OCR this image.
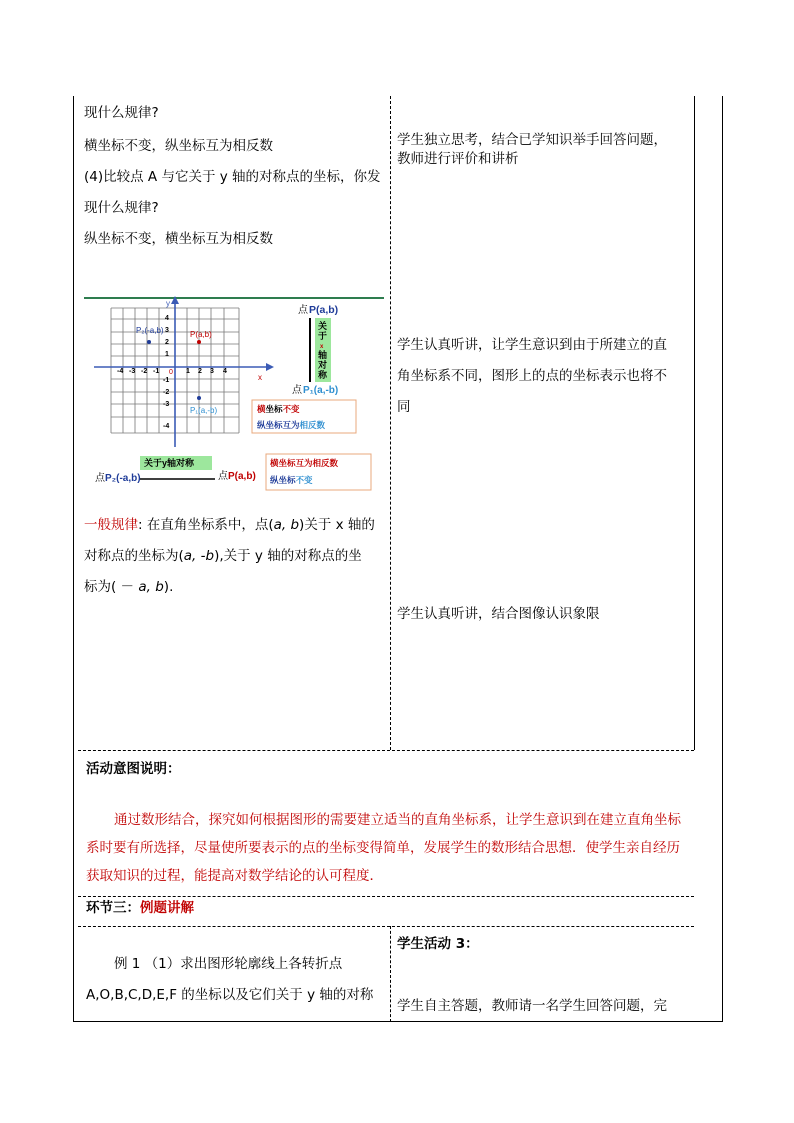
现什么规律?
横坐标不变，纵坐标互为相反数
(4)比较点 A 与它关于 y 轴的对称点的坐标，你发
现什么规律?
纵坐标不变，横坐标互为相反数
学生独立思考，结合已学知识举手回答问题，
教师进行评价和讲析
学生认真听讲，让学生意识到由于所建立的直
角坐标系不同，图形上的点的坐标表示也将不
同
学生认真听讲，结合图像认识象限
x
y
0
-4 -3 -2 -1	1 2 3 4
4
3
2
1
-1
-2
-3
-4
P₂(-a,b)	P(a,b)
P₁(a,-b)
点 P(a,b)
关
于
x
轴
对
称
点 P₁(a,-b)
横坐标不变
纵坐标互为相反数
关于y轴对称
点 P₂(-a,b)	点 P(a,b)
横坐标互为相反数
纵坐标不变
一般规律: 在直角坐标系中，点(a, b)关于 x 轴的
对称点的坐标为(a, -b),关于 y 轴的对称点的坐
标为( － a, b).
活动意图说明：
通过数形结合，探究如何根据图形的需要建立适当的直角坐标系，让学生意识到在建立直角坐标系时要有所选择，尽量使所要表示的点的坐标变得简单，发展学生的数形结合思想．使学生亲自经历获取知识的过程，能提高对数学结论的认可程度．
环节三：例题讲解
例 1 （1）求出图形轮廓线上各转折点
A,O,B,C,D,E,F 的坐标以及它们关于 y 轴的对称
学生活动 3：
学生自主答题，教师请一名学生回答问题，完
